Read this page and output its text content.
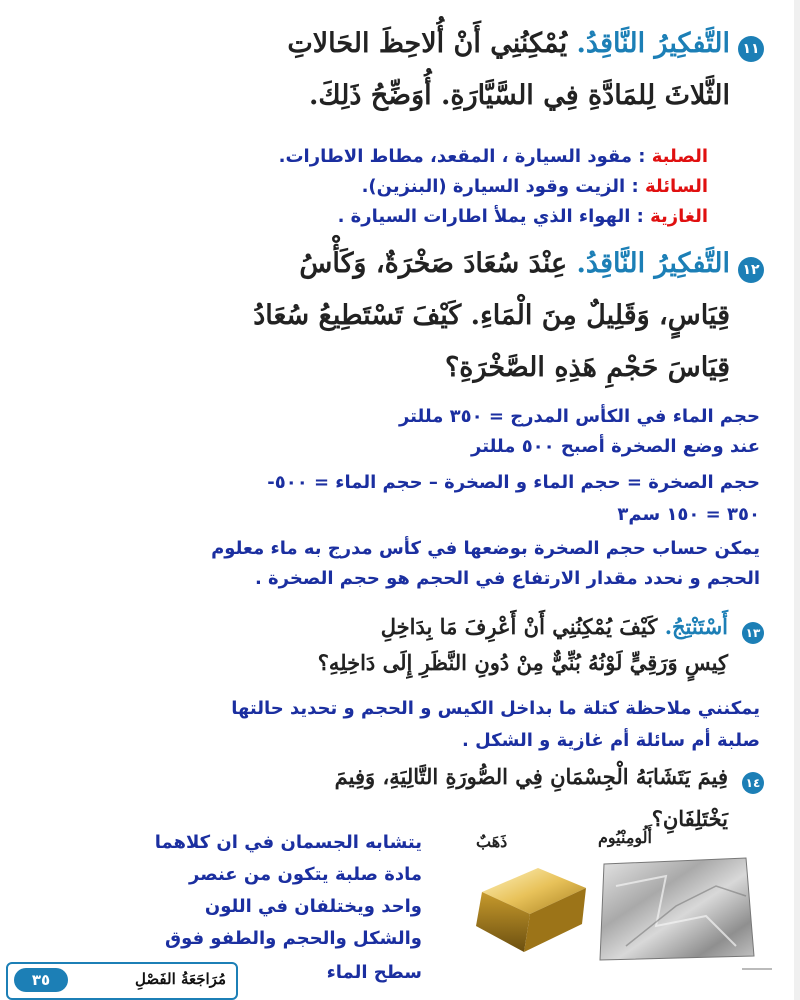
١١
التَّفكِيرُ النَّاقِدُ. يُمْكِنُنِي أَنْ أُلاحِظَ الحَالاتِ
الثَّلاثَ لِلمَادَّةِ فِي السَّيَّارَةِ. أُوَضِّحُ ذَلِكَ.
الصلبة : مقود السيارة ، المقعد، مطاط الاطارات.
السائلة : الزيت وقود السيارة (البنزين).
الغازية : الهواء الذي يملأ اطارات السيارة .
١٢
التَّفكِيرُ النَّاقِدُ. عِنْدَ سُعَادَ صَخْرَةٌ، وَكَأْسُ
قِيَاسٍ، وَقَلِيلٌ مِنَ الْمَاءِ. كَيْفَ تَسْتَطِيعُ سُعَادُ
قِيَاسَ حَجْمِ هَذِهِ الصَّخْرَةِ؟
حجم الماء في الكأس المدرج = ٣٥٠ مللتر
عند وضع الصخرة أصبح ٥٠٠ مللتر
حجم الصخرة = حجم الماء و الصخرة – حجم الماء = ٥٠٠-
٣٥٠ = ١٥٠ سم٣
يمكن حساب حجم الصخرة بوضعها في كأس مدرج به ماء معلوم
الحجم و نحدد مقدار الارتفاع في الحجم هو حجم الصخرة .
١٣
أَسْتَنْتِجُ. كَيْفَ يُمْكِنُنِي أَنْ أَعْرِفَ مَا بِدَاخِلِ
كِيسٍ وَرَقِيٍّ لَوْنُهُ بُنِّيٌّ مِنْ دُونِ النَّظَرِ إِلَى دَاخِلِهِ؟
يمكنني ملاحظة كتلة ما بداخل الكيس و الحجم و تحديد حالتها
صلبة أم سائلة أم غازية و الشكل .
١٤
فِيمَ يَتَشَابَهُ الْجِسْمَانِ فِي الصُّورَةِ التَّالِيَةِ، وَفِيمَ
يَخْتَلِفَانِ؟
أَلُومِنْيُوم
ذَهَبٌ
يتشابه الجسمان في ان كلاهما
مادة صلبة يتكون من عنصر
واحد ويختلفان في اللون
والشكل والحجم والطفو فوق
سطح الماء
٣٥	مُرَاجَعَةُ الفَصْلِ
